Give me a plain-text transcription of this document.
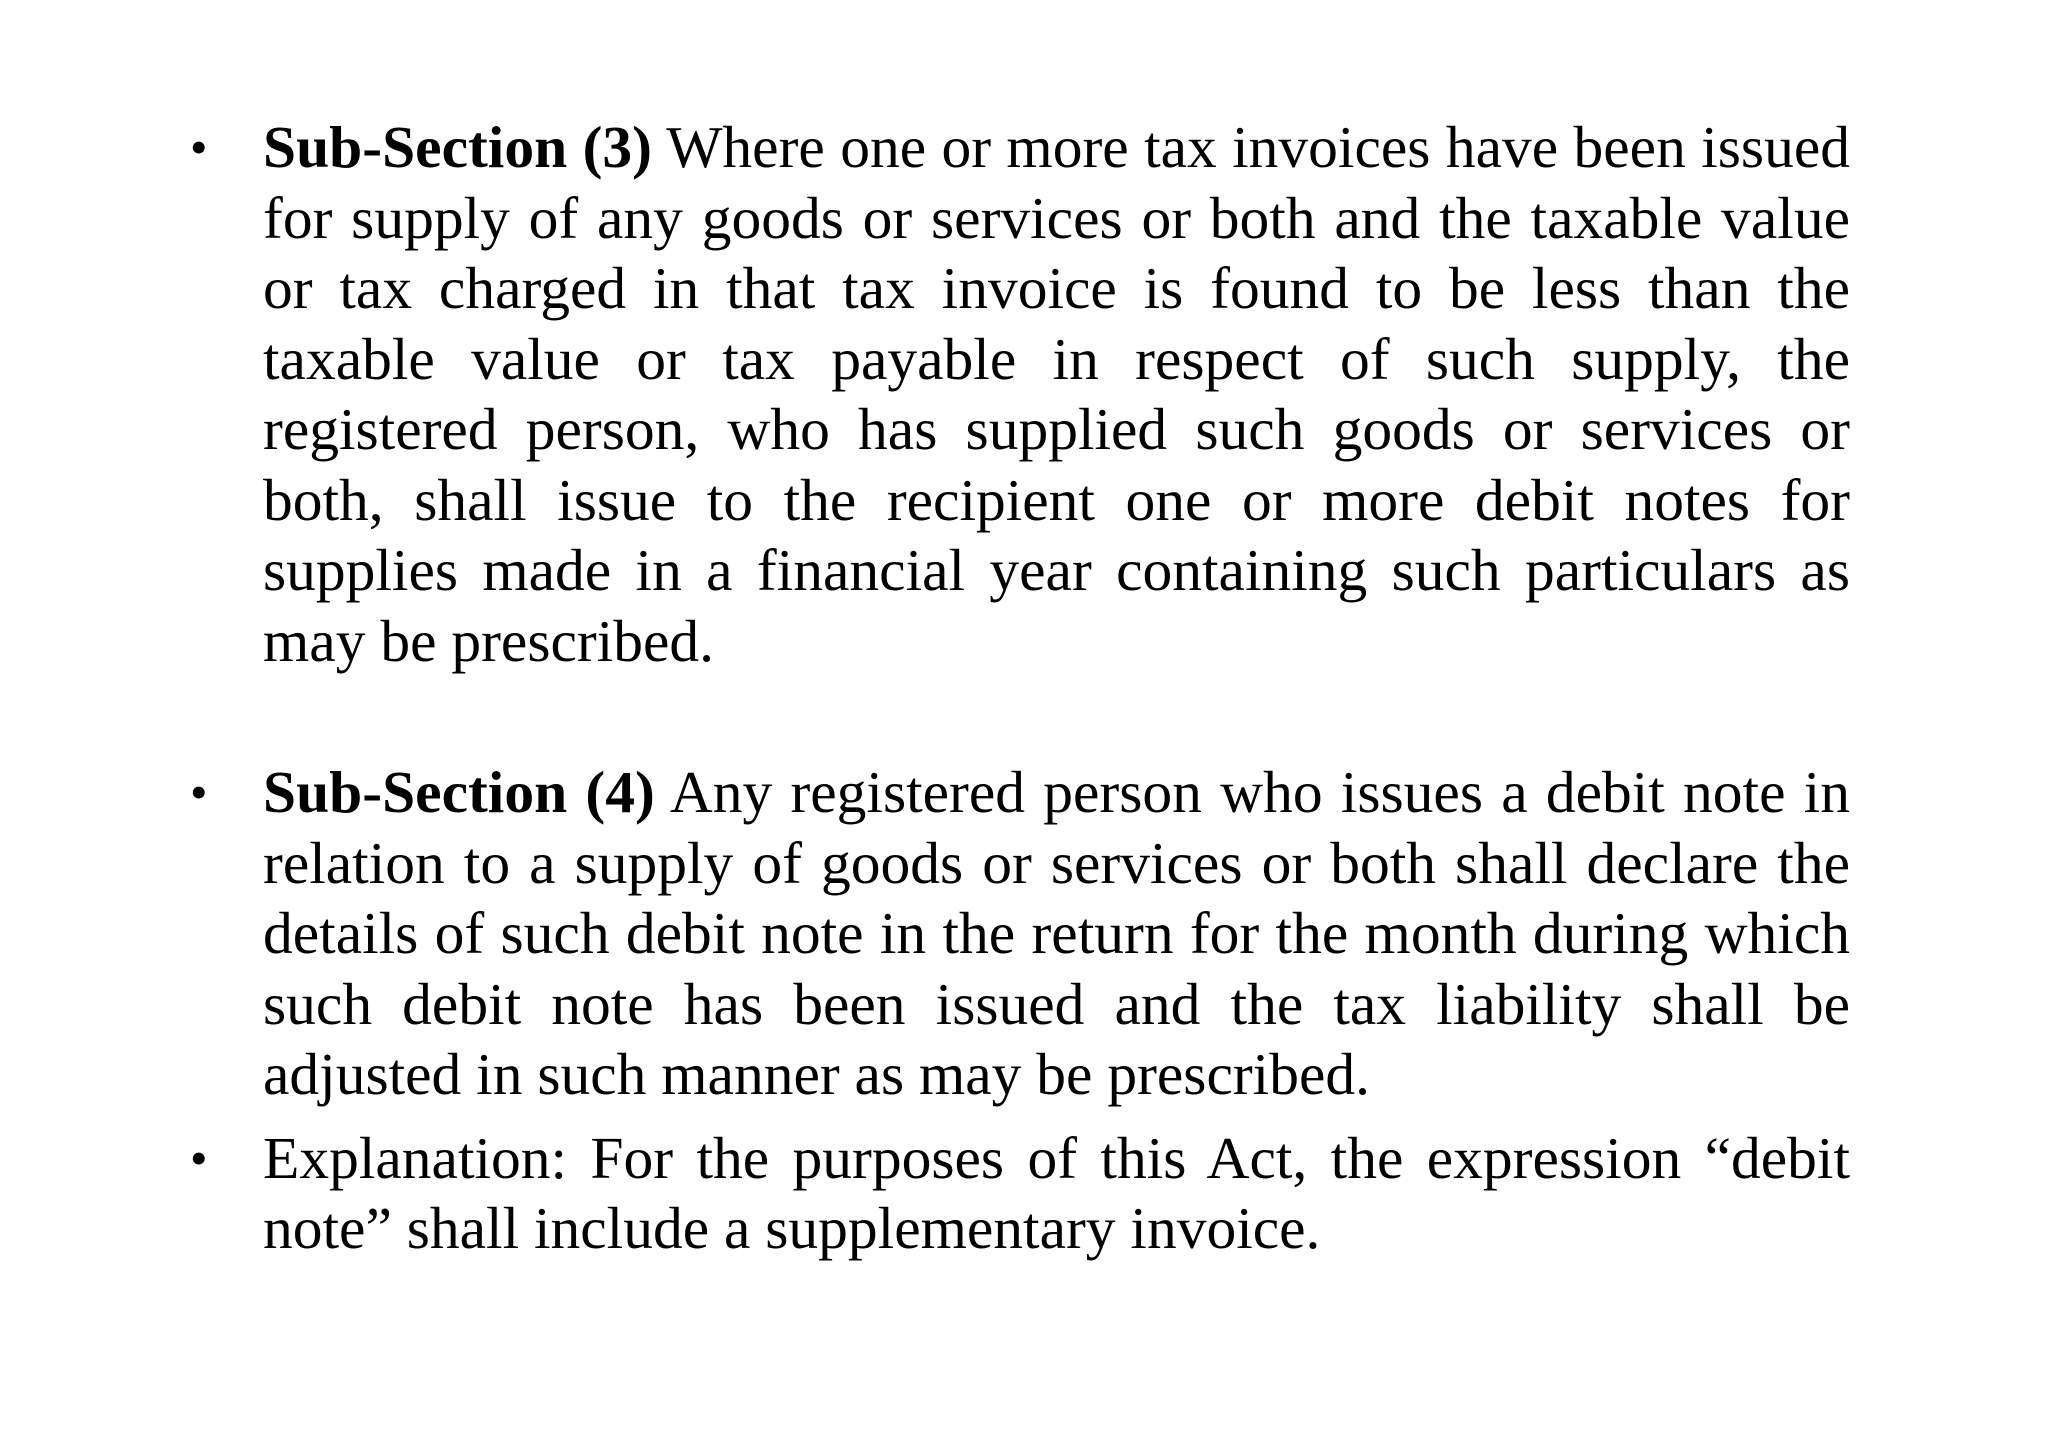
• Sub-Section (3) Where one or more tax invoices have been issued for supply of any goods or services or both and the taxable value or tax charged in that tax invoice is found to be less than the taxable value or tax payable in respect of such supply, the registered person, who has supplied such goods or services or both, shall issue to the recipient one or more debit notes for supplies made in a financial year containing such particulars as may be prescribed.
• Sub-Section (4) Any registered person who issues a debit note in relation to a supply of goods or services or both shall declare the details of such debit note in the return for the month during which such debit note has been issued and the tax liability shall be adjusted in such manner as may be prescribed.
• Explanation: For the purposes of this Act, the expression “debit note” shall include a supplementary invoice.
